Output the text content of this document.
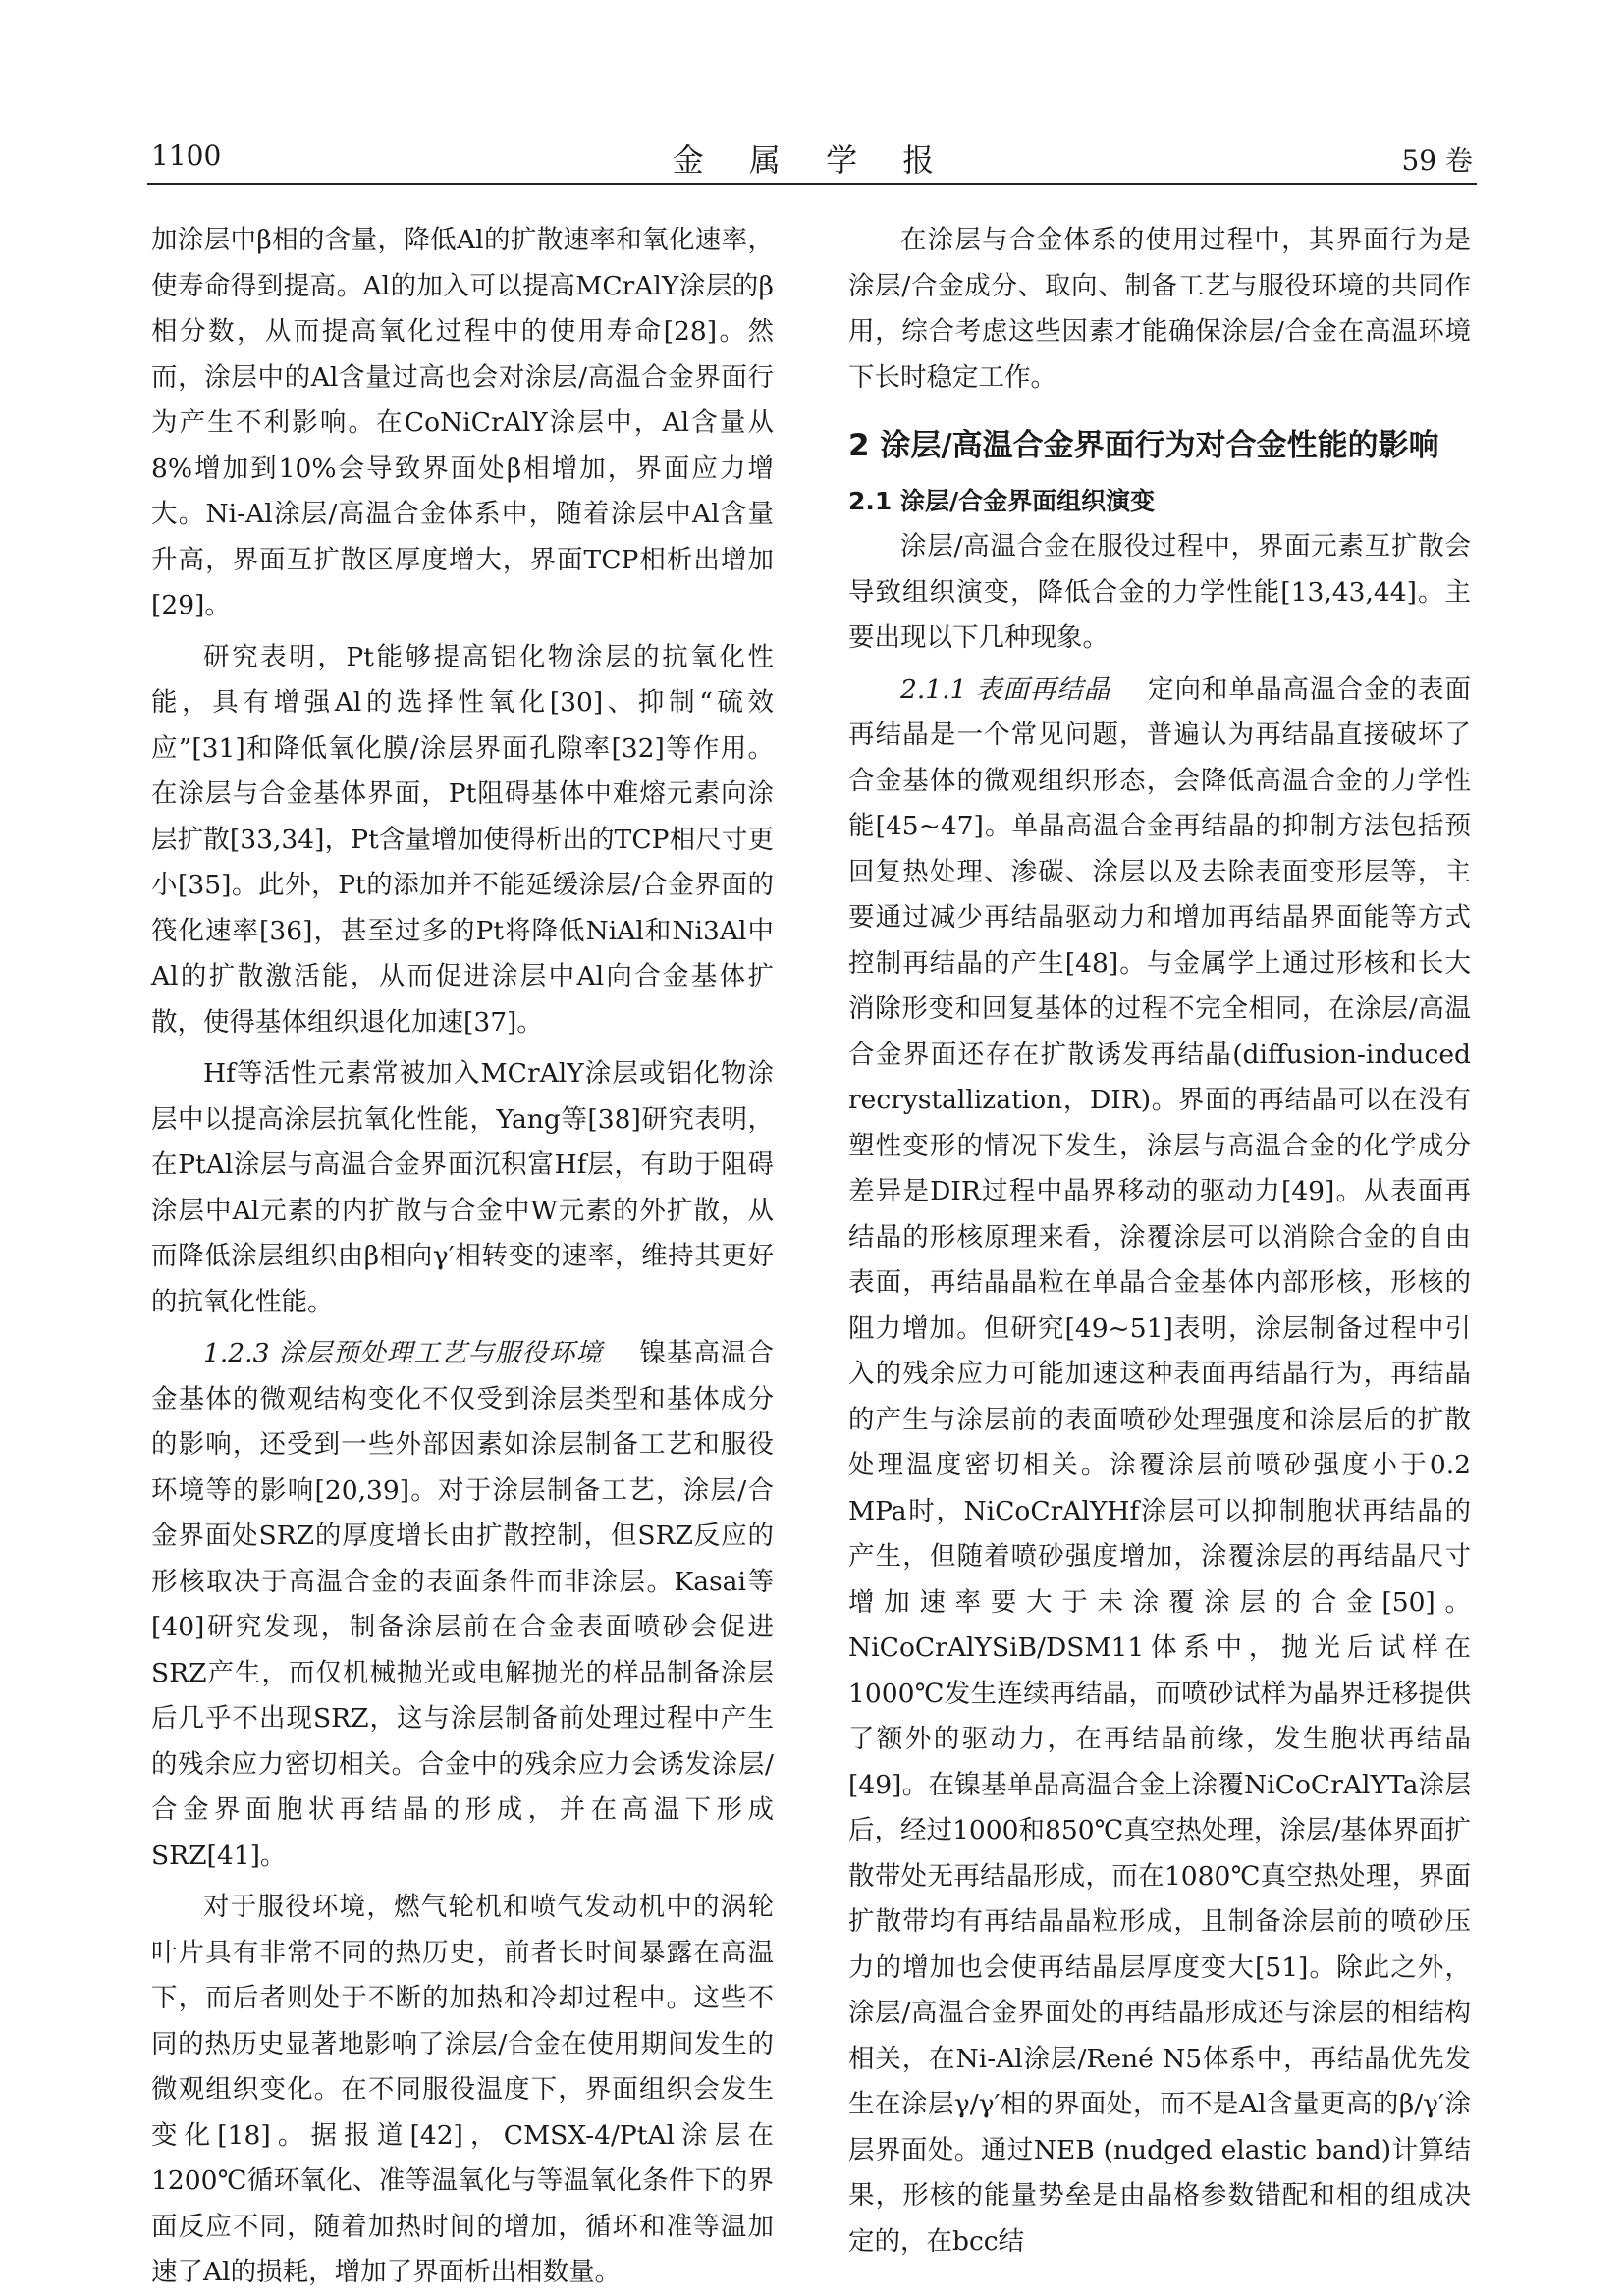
1100	金 属 学 报	59 卷

加涂层中β相的含量，降低Al的扩散速率和氧化速率，使寿命得到提高。Al的加入可以提高MCrAlY涂层的β相分数，从而提高氧化过程中的使用寿命[28]。然而，涂层中的Al含量过高也会对涂层/高温合金界面行为产生不利影响。在CoNiCrAlY涂层中，Al含量从8%增加到10%会导致界面处β相增加，界面应力增大。Ni-Al涂层/高温合金体系中，随着涂层中Al含量升高，界面互扩散区厚度增大，界面TCP相析出增加[29]。

研究表明，Pt能够提高铝化物涂层的抗氧化性能，具有增强Al的选择性氧化[30]、抑制“硫效应”[31]和降低氧化膜/涂层界面孔隙率[32]等作用。在涂层与合金基体界面，Pt阻碍基体中难熔元素向涂层扩散[33,34]，Pt含量增加使得析出的TCP相尺寸更小[35]。此外，Pt的添加并不能延缓涂层/合金界面的筏化速率[36]，甚至过多的Pt将降低NiAl和Ni3Al中Al的扩散激活能，从而促进涂层中Al向合金基体扩散，使得基体组织退化加速[37]。

Hf等活性元素常被加入MCrAlY涂层或铝化物涂层中以提高涂层抗氧化性能，Yang等[38]研究表明，在PtAl涂层与高温合金界面沉积富Hf层，有助于阻碍涂层中Al元素的内扩散与合金中W元素的外扩散，从而降低涂层组织由β相向γ′相转变的速率，维持其更好的抗氧化性能。

1.2.3 涂层预处理工艺与服役环境 镍基高温合金基体的微观结构变化不仅受到涂层类型和基体成分的影响，还受到一些外部因素如涂层制备工艺和服役环境等的影响[20,39]。对于涂层制备工艺，涂层/合金界面处SRZ的厚度增长由扩散控制，但SRZ反应的形核取决于高温合金的表面条件而非涂层。Kasai等[40]研究发现，制备涂层前在合金表面喷砂会促进SRZ产生，而仅机械抛光或电解抛光的样品制备涂层后几乎不出现SRZ，这与涂层制备前处理过程中产生的残余应力密切相关。合金中的残余应力会诱发涂层/合金界面胞状再结晶的形成，并在高温下形成SRZ[41]。

对于服役环境，燃气轮机和喷气发动机中的涡轮叶片具有非常不同的热历史，前者长时间暴露在高温下，而后者则处于不断的加热和冷却过程中。这些不同的热历史显著地影响了涂层/合金在使用期间发生的微观组织变化。在不同服役温度下，界面组织会发生变化[18]。据报道[42]，CMSX-4/PtAl涂层在1200℃循环氧化、准等温氧化与等温氧化条件下的界面反应不同，随着加热时间的增加，循环和准等温加速了Al的损耗，增加了界面析出相数量。

在涂层与合金体系的使用过程中，其界面行为是涂层/合金成分、取向、制备工艺与服役环境的共同作用，综合考虑这些因素才能确保涂层/合金在高温环境下长时稳定工作。

2 涂层/高温合金界面行为对合金性能的影响
2.1 涂层/合金界面组织演变

涂层/高温合金在服役过程中，界面元素互扩散会导致组织演变，降低合金的力学性能[13,43,44]。主要出现以下几种现象。

2.1.1 表面再结晶 定向和单晶高温合金的表面再结晶是一个常见问题，普遍认为再结晶直接破坏了合金基体的微观组织形态，会降低高温合金的力学性能[45~47]。单晶高温合金再结晶的抑制方法包括预回复热处理、渗碳、涂层以及去除表面变形层等，主要通过减少再结晶驱动力和增加再结晶界面能等方式控制再结晶的产生[48]。与金属学上通过形核和长大消除形变和回复基体的过程不完全相同，在涂层/高温合金界面还存在扩散诱发再结晶(diffusion-induced recrystallization，DIR)。界面的再结晶可以在没有塑性变形的情况下发生，涂层与高温合金的化学成分差异是DIR过程中晶界移动的驱动力[49]。从表面再结晶的形核原理来看，涂覆涂层可以消除合金的自由表面，再结晶晶粒在单晶合金基体内部形核，形核的阻力增加。但研究[49~51]表明，涂层制备过程中引入的残余应力可能加速这种表面再结晶行为，再结晶的产生与涂层前的表面喷砂处理强度和涂层后的扩散处理温度密切相关。涂覆涂层前喷砂强度小于0.2 MPa时，NiCoCrAlYHf涂层可以抑制胞状再结晶的产生，但随着喷砂强度增加，涂覆涂层的再结晶尺寸增加速率要大于未涂覆涂层的合金[50]。NiCoCrAlYSiB/DSM11体系中，抛光后试样在1000℃发生连续再结晶，而喷砂试样为晶界迁移提供了额外的驱动力，在再结晶前缘，发生胞状再结晶[49]。在镍基单晶高温合金上涂覆NiCoCrAlYTa涂层后，经过1000和850℃真空热处理，涂层/基体界面扩散带处无再结晶形成，而在1080℃真空热处理，界面扩散带均有再结晶晶粒形成，且制备涂层前的喷砂压力的增加也会使再结晶层厚度变大[51]。除此之外，涂层/高温合金界面处的再结晶形成还与涂层的相结构相关，在Ni-Al涂层/René N5体系中，再结晶优先发生在涂层γ/γ′相的界面处，而不是Al含量更高的β/γ′涂层界面处。通过NEB (nudged elastic band)计算结果，形核的能量势垒是由晶格参数错配和相的组成决定的，在bcc结
